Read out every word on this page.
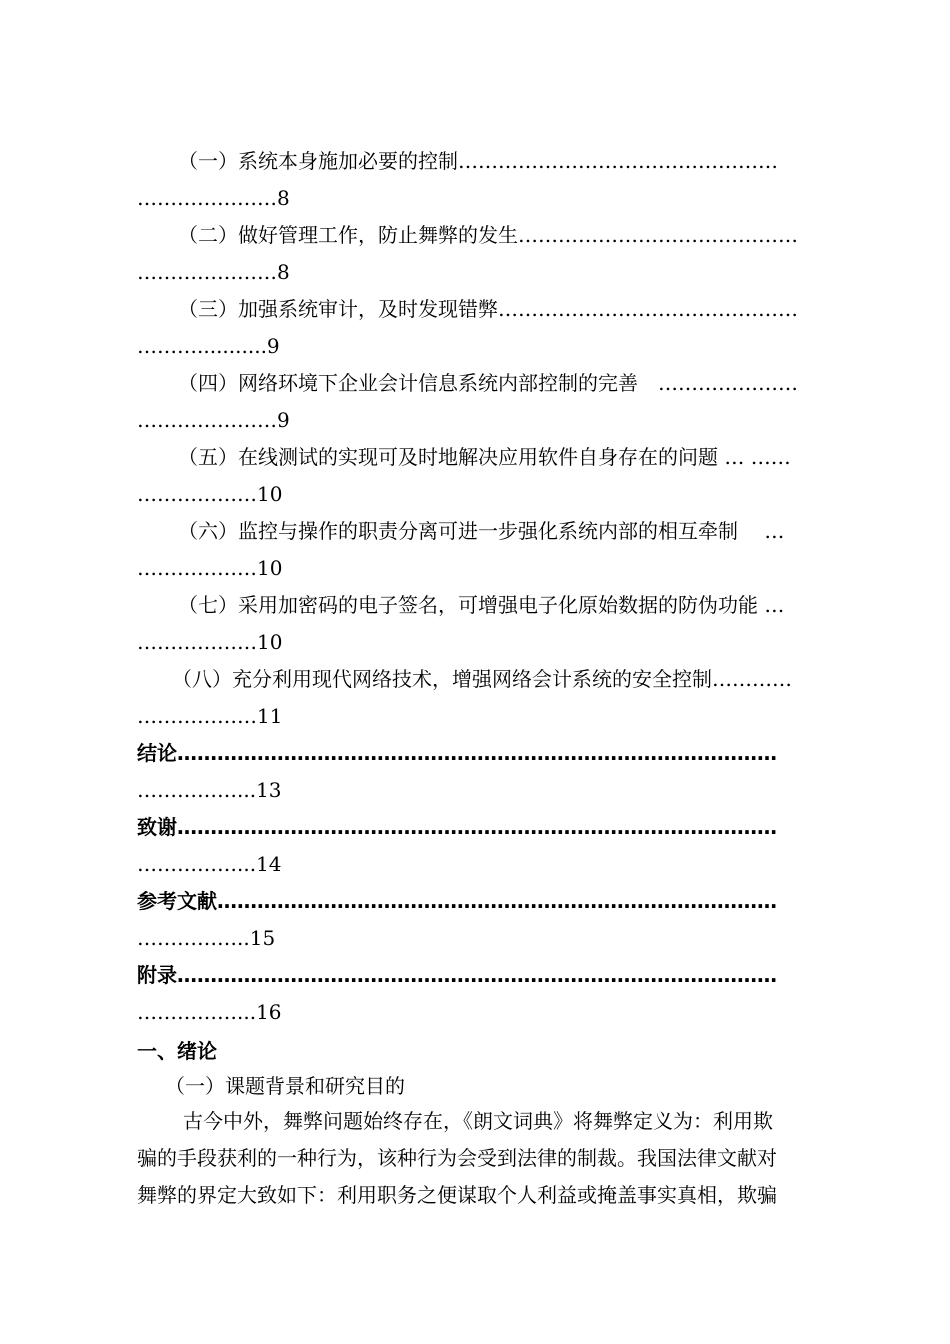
（一）系统本身施加必要的控制…………………………………………
…………………8
（二）做好管理工作，防止舞弊的发生……………………………………
…………………8
（三）加强系统审计，及时发现错弊………………………………………
………...........9
（四）网络环境下企业会计信息系统内部控制的完善　…………………
…………………9
（五）在线测试的实现可及时地解决应用软件自身存在的问题 … ……
………………10
（六）监控与操作的职责分离可进一步强化系统内部的相互牵制　 …
………………10
（七）采用加密码的电子签名，可增强电子化原始数据的防伪功能 …
………………10
（八）充分利用现代网络技术，增强网络会计系统的安全控制…………
………………11
结论………………………………………………………………………………
……………...13
致谢………………………………………………………………………………
……………...14
参考文献…………………………………………………………………………
……………..15
附录………………………………………………………………………………
……………...16
一、绪论
（一）课题背景和研究目的
古今中外，舞弊问题始终存在，《朗文词典》将舞弊定义为：利用欺
骗的手段获利的一种行为，该种行为会受到法律的制裁。我国法律文献对
舞弊的界定大致如下：利用职务之便谋取个人利益或掩盖事实真相，欺骗
